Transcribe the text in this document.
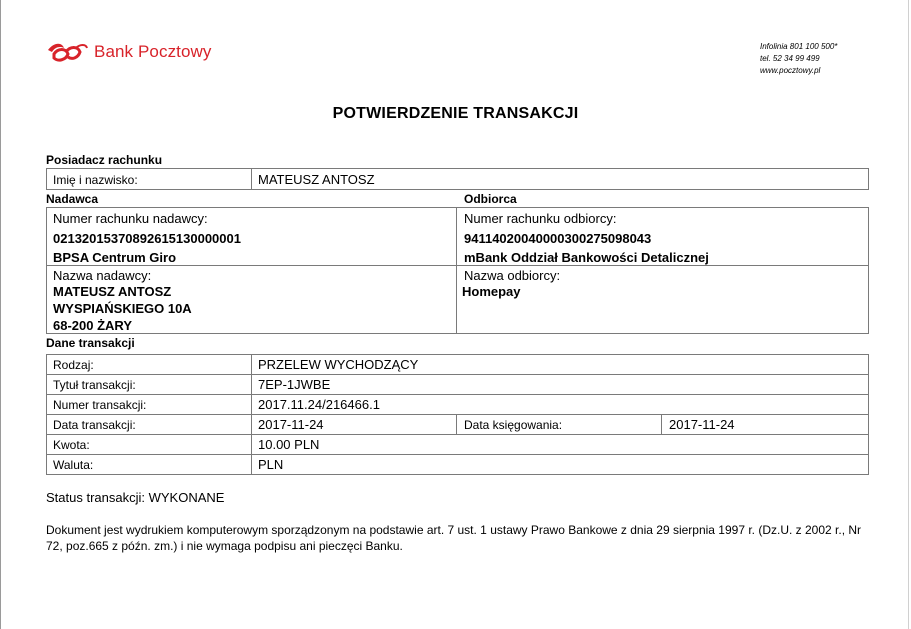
Bank Pocztowy	Infolinia 801 100 500*
tel. 52 34 99 499
www.pocztowy.pl
POTWIERDZENIE TRANSAKCJI
Posiadacz rachunku
Imię i nazwisko:	MATEUSZ ANTOSZ
Nadawca	Odbiorca
Numer rachunku nadawcy:
02132015370892615130000001
BPSA Centrum Giro
Numer rachunku odbiorcy:
94114020040000300275098043
mBank Oddział Bankowości Detalicznej
Nazwa nadawcy:
MATEUSZ ANTOSZ
WYSPIAŃSKIEGO 10A
68-200 ŻARY
Nazwa odbiorcy:
Homepay
Dane transakcji
Rodzaj:	PRZELEW WYCHODZĄCY
Tytuł transakcji:	7EP-1JWBE
Numer transakcji:	2017.11.24/216466.1
Data transakcji:	2017-11-24	Data księgowania:	2017-11-24
Kwota:	10.00 PLN
Waluta:	PLN
Status transakcji: WYKONANE
Dokument jest wydrukiem komputerowym sporządzonym na podstawie art. 7 ust. 1 ustawy Prawo Bankowe z dnia 29 sierpnia 1997 r. (Dz.U. z 2002 r., Nr 72, poz.665 z późn. zm.) i nie wymaga podpisu ani pieczęci Banku.
